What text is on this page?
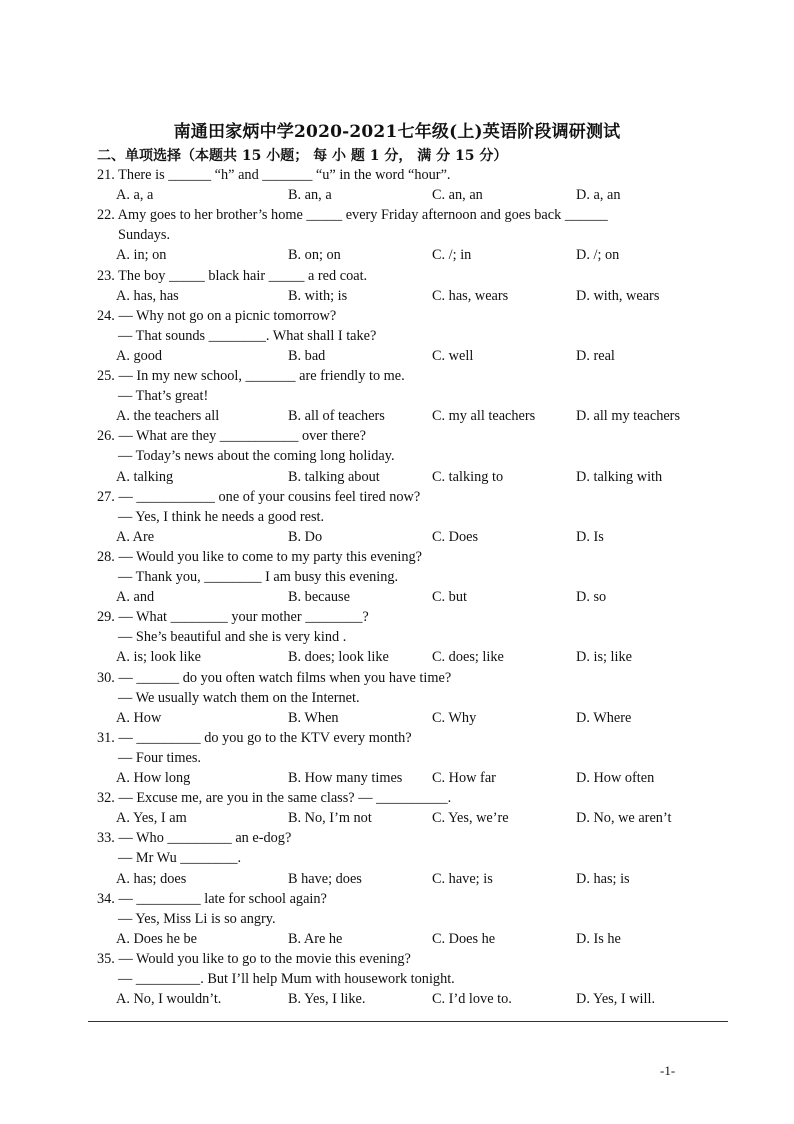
南通田家炳中学2020-2021七年级(上)英语阶段调研测试
二、单项选择（本题共 15 小题； 每 小 题 1 分， 满 分 15 分）
21. There is ______ “h” and _______ “u” in the word “hour”.
A. a, a	B. an, a	C. an, an	D. a, an
22. Amy goes to her brother’s home _____ every Friday afternoon and goes back ______
Sundays.
A. in; on	B. on; on	C. /; in	D. /; on
23. The boy _____ black hair _____ a red coat.
A. has, has	B. with; is	C. has, wears	D. with, wears
24. — Why not go on a picnic tomorrow?
— That sounds ________. What shall I take?
A. good	B. bad	C. well	D. real
25. — In my new school, _______ are friendly to me.
— That’s great!
A. the teachers all	B. all of teachers	C. my all teachers	D. all my teachers
26. — What are they ___________ over there?
— Today’s news about the coming long holiday.
A. talking	B. talking about	C. talking to	D. talking with
27. — ___________ one of your cousins feel tired now?
— Yes, I think he needs a good rest.
A. Are	B. Do	C. Does	D. Is
28. — Would you like to come to my party this evening?
— Thank you, ________ I am busy this evening.
A. and	B. because	C. but	D. so
29. — What ________ your mother ________?
— She’s beautiful and she is very kind .
A. is; look like	B. does; look like	C. does; like	D. is; like
30. — ______ do you often watch films when you have time?
— We usually watch them on the Internet.
A. How	B. When	C. Why	D. Where
31. — _________ do you go to the KTV every month?
— Four times.
A. How long	B. How many times C. How far	D. How often
32. — Excuse me, are you in the same class? — __________.
A. Yes, I am	B. No, I’m not	C. Yes, we’re	D. No, we aren’t
33. — Who _________ an e-dog?
— Mr Wu ________.
A. has; does	B have; does	C. have; is	D. has; is
34. — _________ late for school again?
— Yes, Miss Li is so angry.
A. Does he be	B. Are he	C. Does he	D. Is he
35. — Would you like to go to the movie this evening?
— _________. But I’ll help Mum with housework tonight.
A. No, I wouldn’t.	B. Yes, I like.	C. I’d love to.	D. Yes, I will.
-1-
